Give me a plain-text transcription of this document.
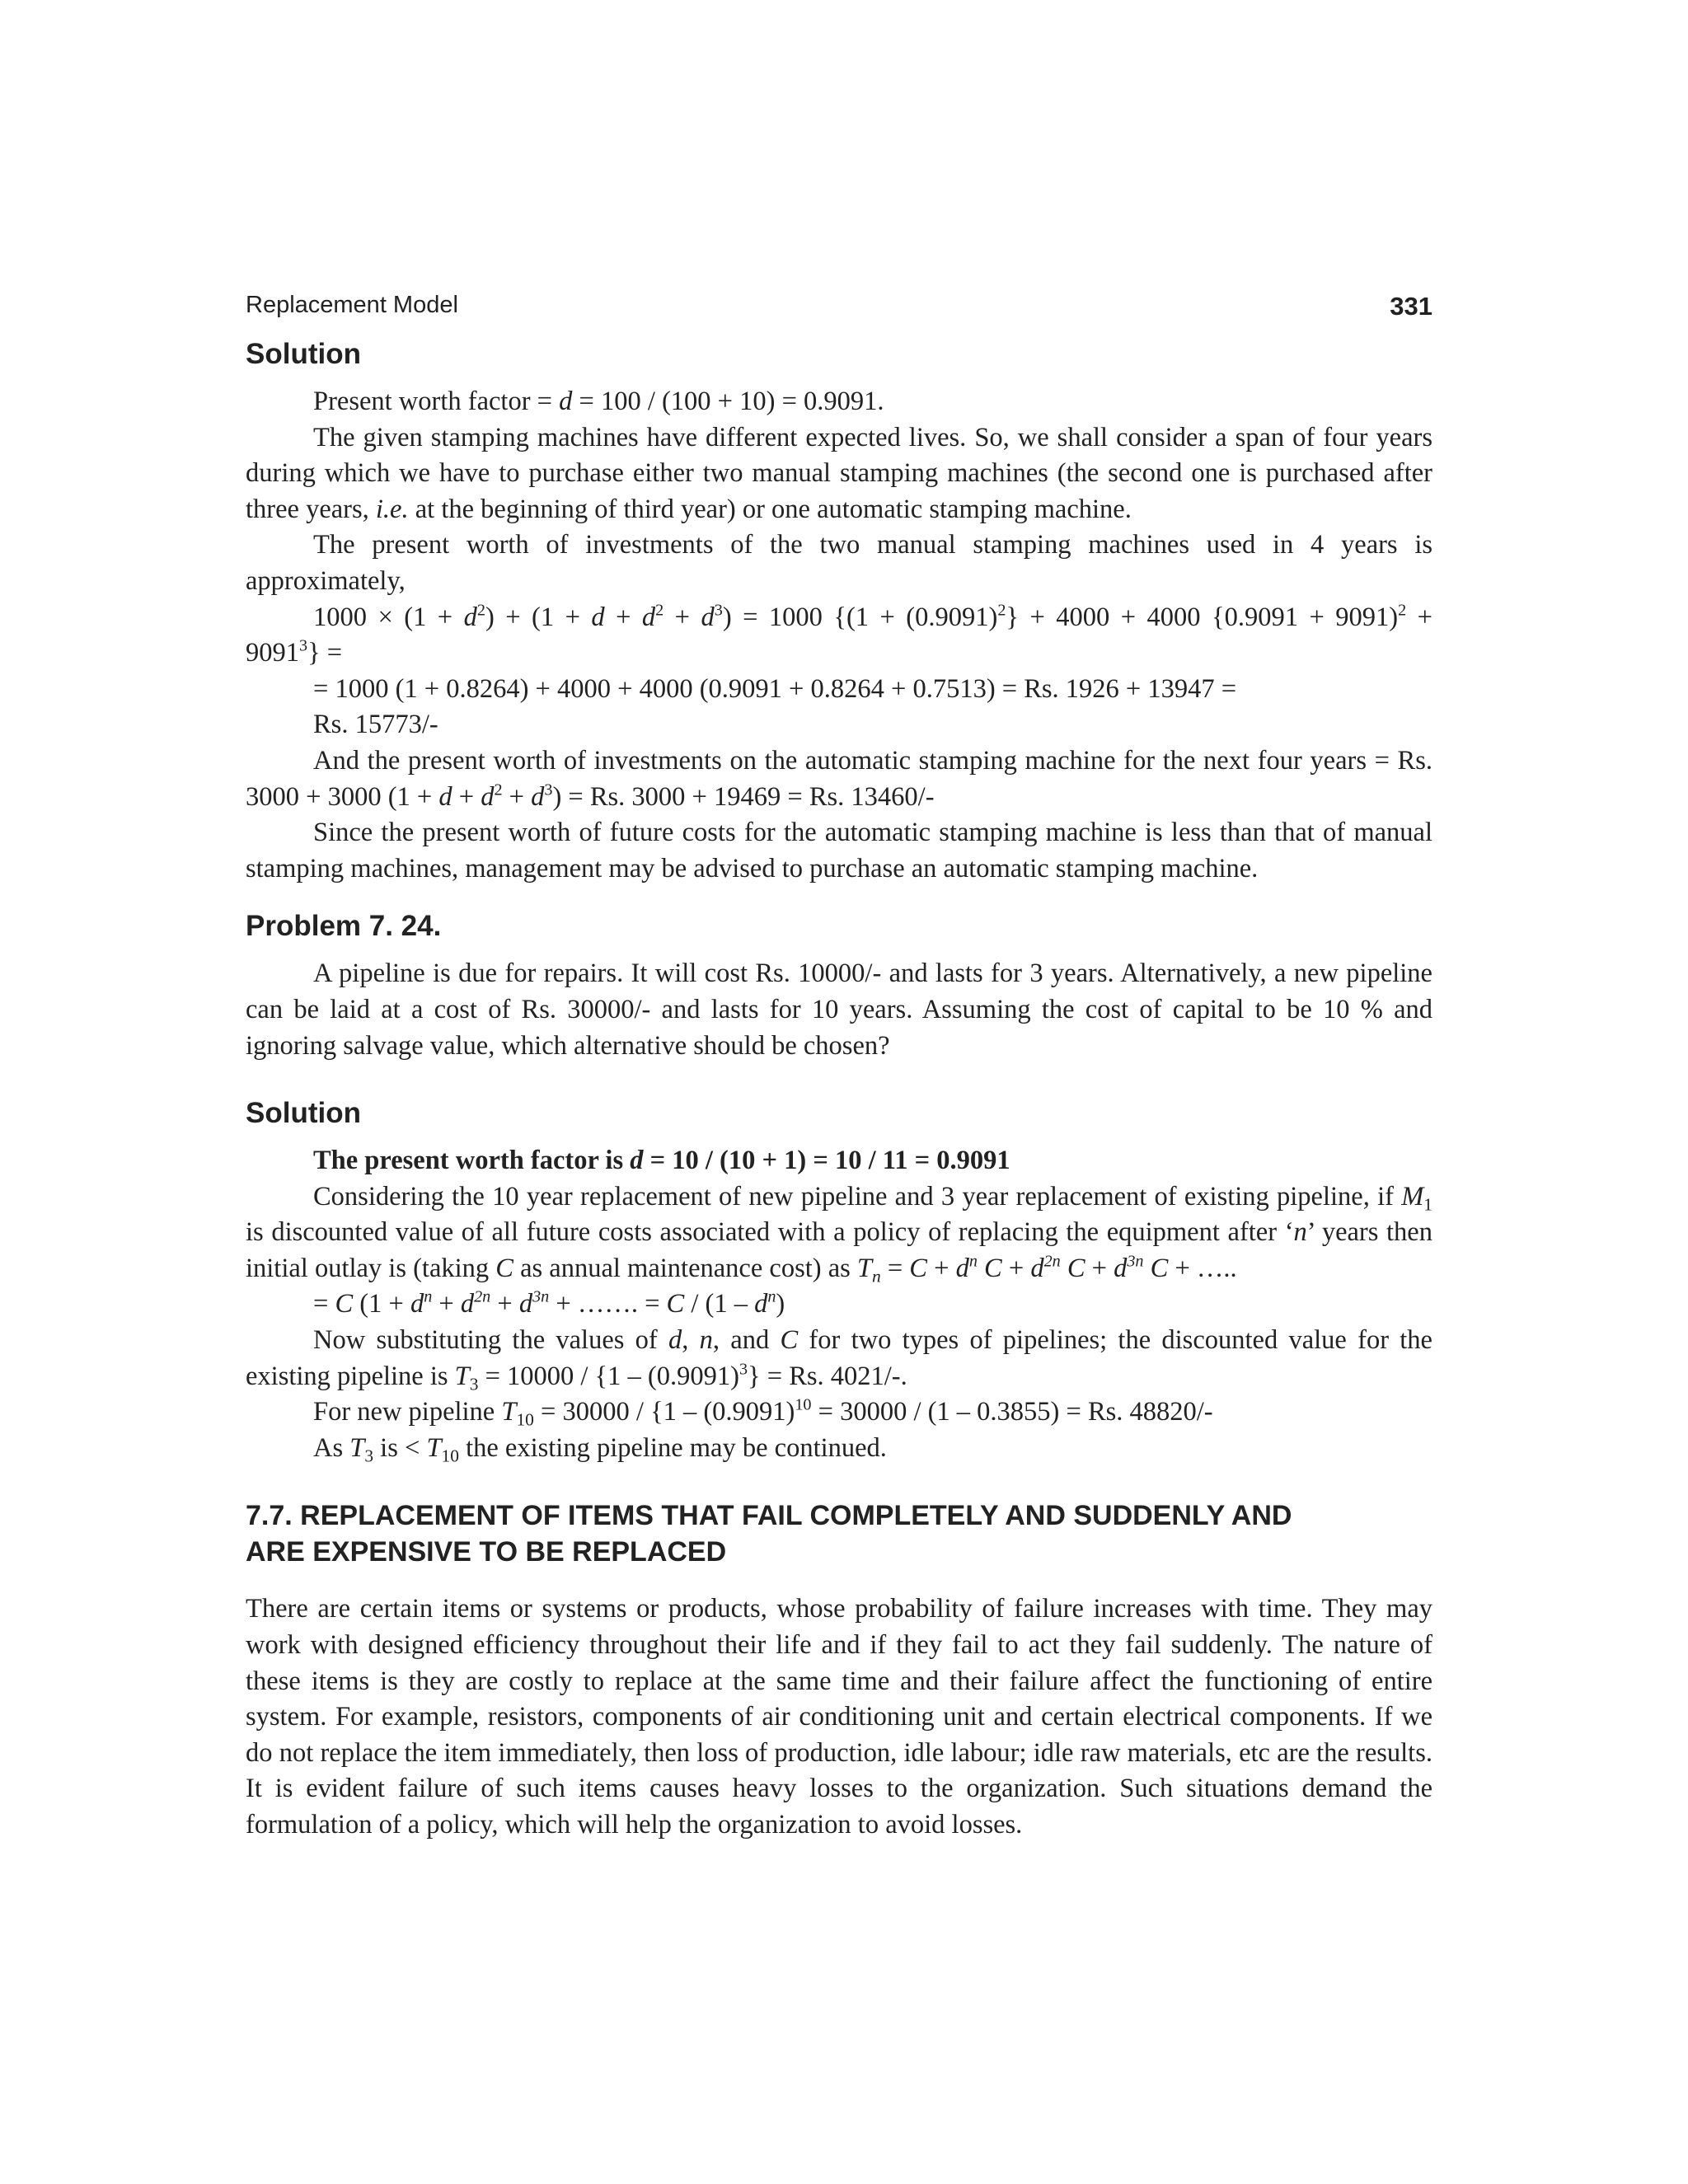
Replacement Model	331
Solution

Present worth factor = d = 100 / (100 + 10) = 0.9091.

The given stamping machines have different expected lives. So, we shall consider a span of four years during which we have to purchase either two manual stamping machines (the second one is purchased after three years, i.e. at the beginning of third year) or one automatic stamping machine.

The present worth of investments of the two manual stamping machines used in 4 years is approximately,

$1000 \times (1 + d^2) + (1 + d + d^2 + d^3) = 1000$ {$(1 + (0.9091)^2\} + 4000 + 4000$ {0.9091 + 9091)$^2$ +

$9091^3$} =

= 1000 (1 + 0.8264) + 4000 + 4000 (0.9091 + 0.8264 + 0.7513) = Rs. 1926 + 13947 =

Rs. 15773/-

And the present worth of investments on the automatic stamping machine for the next four years = Rs. 3000 + 3000 $(1 + d + d^2 + d^3) = Rs$. 3000 + 19469 = Rs. 13460/-

Since the present worth of future costs for the automatic stamping machine is less than that of manual stamping machines, management may be advised to purchase an automatic stamping machine.

Problem 7. 24.

A pipeline is due for repairs. It will cost Rs. 10000/- and lasts for 3 years. Alternatively, a new pipeline can be laid at a cost of Rs. 30000/- and lasts for 10 years. Assuming the cost of capital to be 10 % and ignoring salvage value, which alternative should be chosen?

Solution

The present worth factor is d = 10 / (10 + 1) = 10 / 11 = 0.9091

Considering the 10 year replacement of new pipeline and 3 year replacement of existing pipeline, if $M_1$ is discounted value of all future costs associated with a policy of replacing the equipment after ‘n’ years then initial outlay is (taking C as annual maintenance cost) as $T_n = C + d^n$ $C + d^{2n}$ $C + d^{3n}$ C + …..

= C ($1 + d^n + d^{2n} + d^{3n}$ + ……. = C / $(1 - d^n)$

Now substituting the values of d, n, and C for two types of pipelines; the discounted value for the existing pipeline is $T_3 = 10000 / \{1 - (0.9091)^3\} = Rs$. 4021/-.

For new pipeline $T_{10} = 30000 / \{1 - (0.9091)^{10} = 30000 / (1 - 0.3855) = Rs$. 48820/-

As $T_3$ is < $T_{10}$ the existing pipeline may be continued.

7.7. REPLACEMENT OF ITEMS THAT FAIL COMPLETELY AND SUDDENLY AND
ARE EXPENSIVE TO BE REPLACED

There are certain items or systems or products, whose probability of failure increases with time. They may work with designed efficiency throughout their life and if they fail to act they fail suddenly. The nature of these items is they are costly to replace at the same time and their failure affect the functioning of entire system. For example, resistors, components of air conditioning unit and certain electrical components. If we do not replace the item immediately, then loss of production, idle labour; idle raw materials, etc are the results. It is evident failure of such items causes heavy losses to the organization. Such situations demand the formulation of a policy, which will help the organization to avoid losses.
